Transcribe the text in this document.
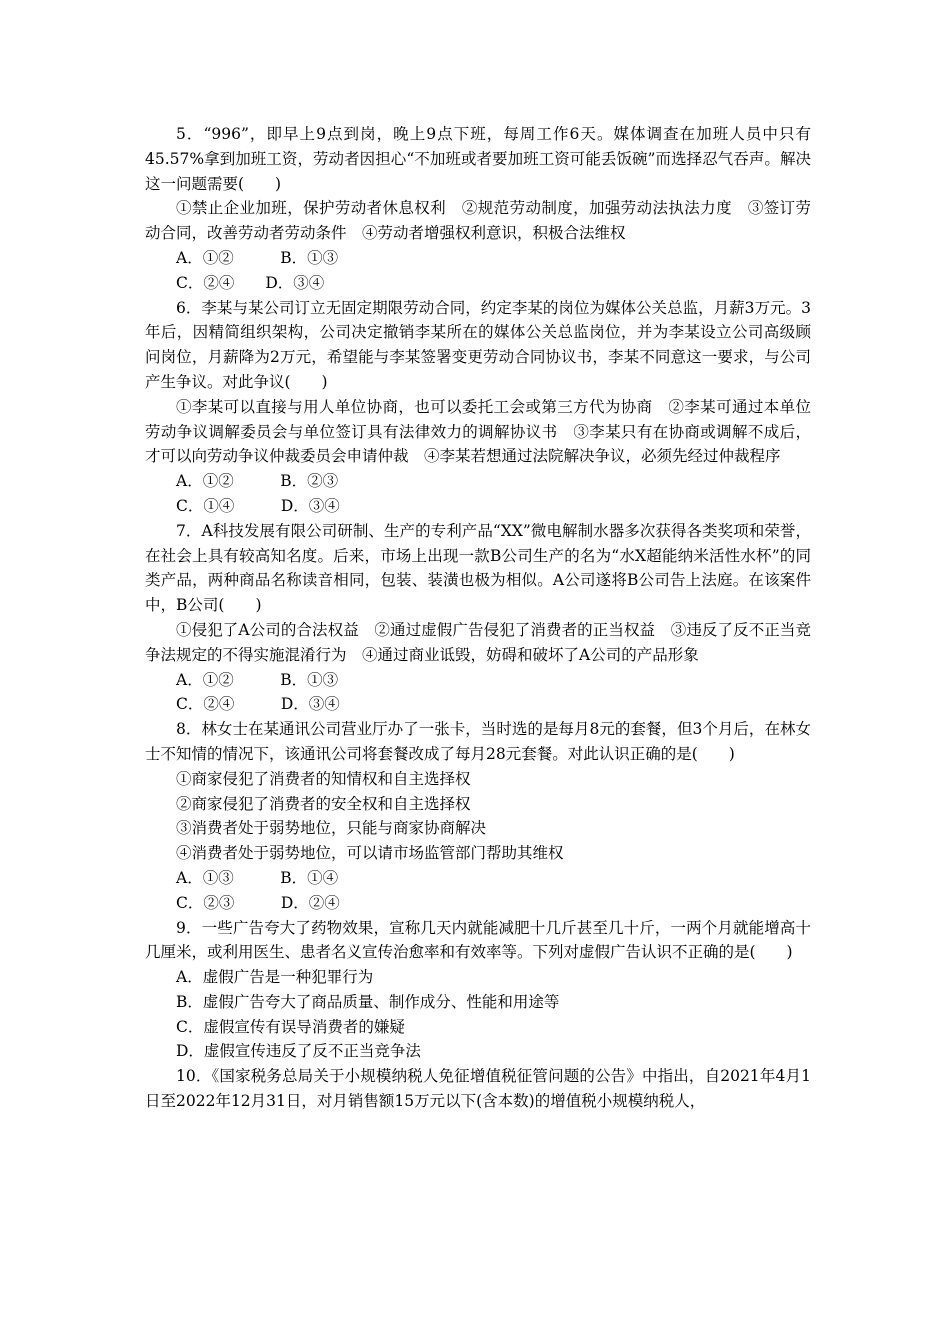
5．“996”，即早上9点到岗，晚上9点下班，每周工作6天。媒体调查在加班人员中只有45.57%拿到加班工资，劳动者因担心“不加班或者要加班工资可能丢饭碗”而选择忍气吞声。解决这一问题需要(　　)

①禁止企业加班，保护劳动者休息权利　②规范劳动制度，加强劳动法执法力度　③签订劳动合同，改善劳动者劳动条件　④劳动者增强权利意识，积极合法维权

A．①②　　　B．①③

C．②④　　D．③④

6．李某与某公司订立无固定期限劳动合同，约定李某的岗位为媒体公关总监，月薪3万元。3年后，因精简组织架构，公司决定撤销李某所在的媒体公关总监岗位，并为李某设立公司高级顾问岗位，月薪降为2万元，希望能与李某签署变更劳动合同协议书，李某不同意这一要求，与公司产生争议。对此争议(　　)

①李某可以直接与用人单位协商，也可以委托工会或第三方代为协商　②李某可通过本单位劳动争议调解委员会与单位签订具有法律效力的调解协议书　③李某只有在协商或调解不成后，才可以向劳动争议仲裁委员会申请仲裁　④李某若想通过法院解决争议，必须先经过仲裁程序

A．①②　　　B．②③

C．①④　　　D．③④

7．A科技发展有限公司研制、生产的专利产品“XX”微电解制水器多次获得各类奖项和荣誉，在社会上具有较高知名度。后来，市场上出现一款B公司生产的名为“水X超能纳米活性水杯”的同类产品，两种商品名称读音相同，包装、装潢也极为相似。A公司遂将B公司告上法庭。在该案件中，B公司(　　)

①侵犯了A公司的合法权益　②通过虚假广告侵犯了消费者的正当权益　③违反了反不正当竞争法规定的不得实施混淆行为　④通过商业诋毁，妨碍和破坏了A公司的产品形象

A．①②　　　B．①③

C．②④　　　D．③④

8．林女士在某通讯公司营业厅办了一张卡，当时选的是每月8元的套餐，但3个月后，在林女士不知情的情况下，该通讯公司将套餐改成了每月28元套餐。对此认识正确的是(　　)

①商家侵犯了消费者的知情权和自主选择权

②商家侵犯了消费者的安全权和自主选择权

③消费者处于弱势地位，只能与商家协商解决

④消费者处于弱势地位，可以请市场监管部门帮助其维权

A．①③　　　B．①④

C．②③　　　D．②④

9．一些广告夸大了药物效果，宣称几天内就能减肥十几斤甚至几十斤，一两个月就能增高十几厘米，或利用医生、患者名义宣传治愈率和有效率等。下列对虚假广告认识不正确的是(　　)

A．虚假广告是一种犯罪行为

B．虚假广告夸大了商品质量、制作成分、性能和用途等

C．虚假宣传有误导消费者的嫌疑

D．虚假宣传违反了反不正当竞争法

10．《国家税务总局关于小规模纳税人免征增值税征管问题的公告》中指出，自2021年4月1日至2022年12月31日，对月销售额15万元以下(含本数)的增值税小规模纳税人，
